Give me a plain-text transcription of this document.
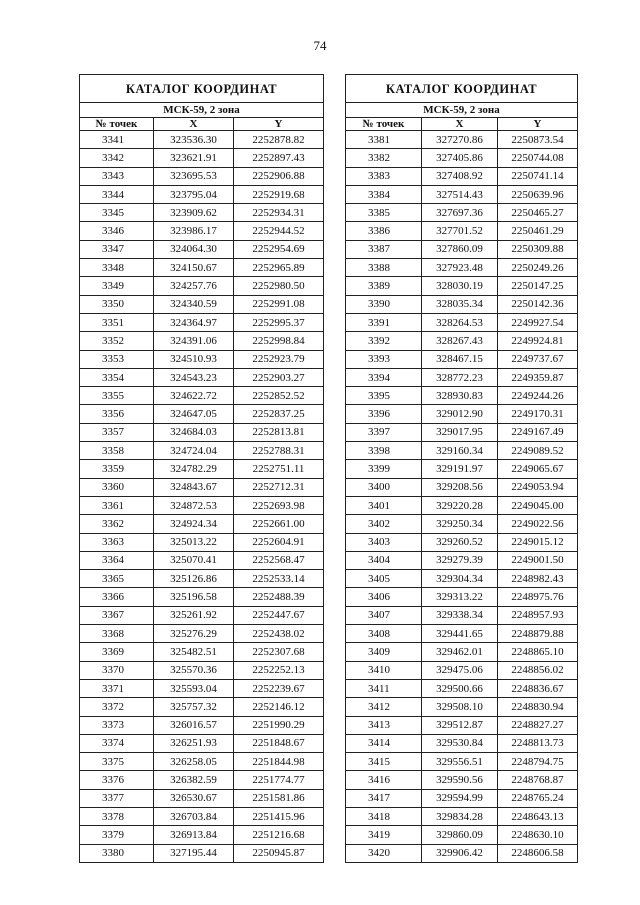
74
КАТАЛОГ КООРДИНАТ		
МСК-59, 2 зона		
№ точек	X	Y
3341	323536.30	2252878.82
3342	323621.91	2252897.43
3343	323695.53	2252906.88
3344	323795.04	2252919.68
3345	323909.62	2252934.31
3346	323986.17	2252944.52
3347	324064.30	2252954.69
3348	324150.67	2252965.89
3349	324257.76	2252980.50
3350	324340.59	2252991.08
3351	324364.97	2252995.37
3352	324391.06	2252998.84
3353	324510.93	2252923.79
3354	324543.23	2252903.27
3355	324622.72	2252852.52
3356	324647.05	2252837.25
3357	324684.03	2252813.81
3358	324724.04	2252788.31
3359	324782.29	2252751.11
3360	324843.67	2252712.31
3361	324872.53	2252693.98
3362	324924.34	2252661.00
3363	325013.22	2252604.91
3364	325070.41	2252568.47
3365	325126.86	2252533.14
3366	325196.58	2252488.39
3367	325261.92	2252447.67
3368	325276.29	2252438.02
3369	325482.51	2252307.68
3370	325570.36	2252252.13
3371	325593.04	2252239.67
3372	325757.32	2252146.12
3373	326016.57	2251990.29
3374	326251.93	2251848.67
3375	326258.05	2251844.98
3376	326382.59	2251774.77
3377	326530.67	2251581.86
3378	326703.84	2251415.96
3379	326913.84	2251216.68
3380	327195.44	2250945.87
КАТАЛОГ КООРДИНАТ		
МСК-59, 2 зона		
№ точек	X	Y
3381	327270.86	2250873.54
3382	327405.86	2250744.08
3383	327408.92	2250741.14
3384	327514.43	2250639.96
3385	327697.36	2250465.27
3386	327701.52	2250461.29
3387	327860.09	2250309.88
3388	327923.48	2250249.26
3389	328030.19	2250147.25
3390	328035.34	2250142.36
3391	328264.53	2249927.54
3392	328267.43	2249924.81
3393	328467.15	2249737.67
3394	328772.23	2249359.87
3395	328930.83	2249244.26
3396	329012.90	2249170.31
3397	329017.95	2249167.49
3398	329160.34	2249089.52
3399	329191.97	2249065.67
3400	329208.56	2249053.94
3401	329220.28	2249045.00
3402	329250.34	2249022.56
3403	329260.52	2249015.12
3404	329279.39	2249001.50
3405	329304.34	2248982.43
3406	329313.22	2248975.76
3407	329338.34	2248957.93
3408	329441.65	2248879.88
3409	329462.01	2248865.10
3410	329475.06	2248856.02
3411	329500.66	2248836.67
3412	329508.10	2248830.94
3413	329512.87	2248827.27
3414	329530.84	2248813.73
3415	329556.51	2248794.75
3416	329590.56	2248768.87
3417	329594.99	2248765.24
3418	329834.28	2248643.13
3419	329860.09	2248630.10
3420	329906.42	2248606.58
